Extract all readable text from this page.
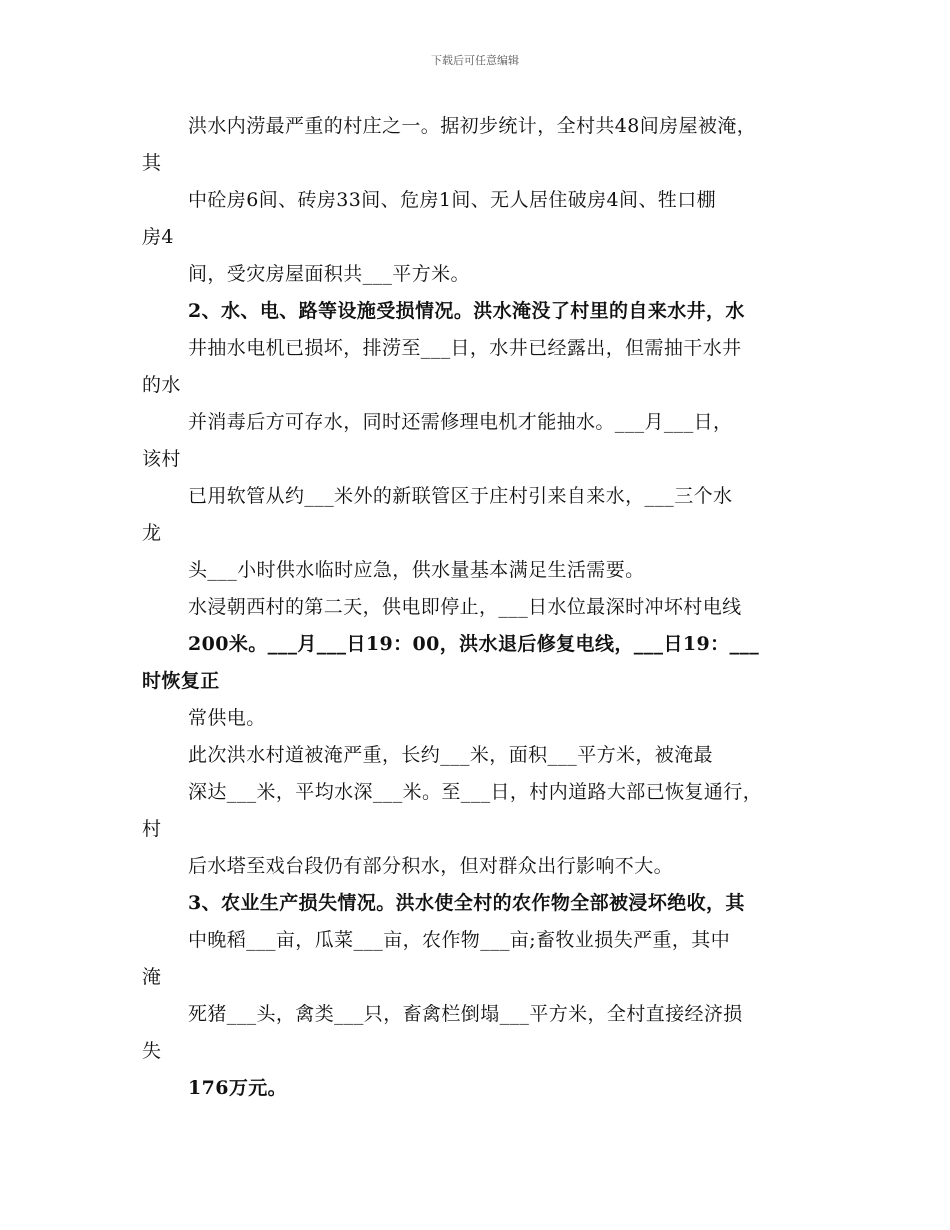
下载后可任意编辑
洪水内涝最严重的村庄之一。据初步统计，全村共48间房屋被淹，
其
中砼房6间、砖房33间、危房1间、无人居住破房4间、牲口棚
房4
间，受灾房屋面积共___平方米。
2、水、电、路等设施受损情况。洪水淹没了村里的自来水井，水
井抽水电机已损坏，排涝至___日，水井已经露出，但需抽干水井
的水
并消毒后方可存水，同时还需修理电机才能抽水。___月___日，
该村
已用软管从约___米外的新联管区于庄村引来自来水，___三个水
龙
头___小时供水临时应急，供水量基本满足生活需要。
水浸朝西村的第二天，供电即停止，___日水位最深时冲坏村电线
200米。___月___日19：00，洪水退后修复电线，___日19：___
时恢复正
常供电。
此次洪水村道被淹严重，长约___米，面积___平方米，被淹最
深达___米，平均水深___米。至___日，村内道路大部已恢复通行，
村
后水塔至戏台段仍有部分积水，但对群众出行影响不大。
3、农业生产损失情况。洪水使全村的农作物全部被浸坏绝收，其
中晚稻___亩，瓜菜___亩，农作物___亩;畜牧业损失严重，其中
淹
死猪___头，禽类___只，畜禽栏倒塌___平方米，全村直接经济损
失
176万元。
